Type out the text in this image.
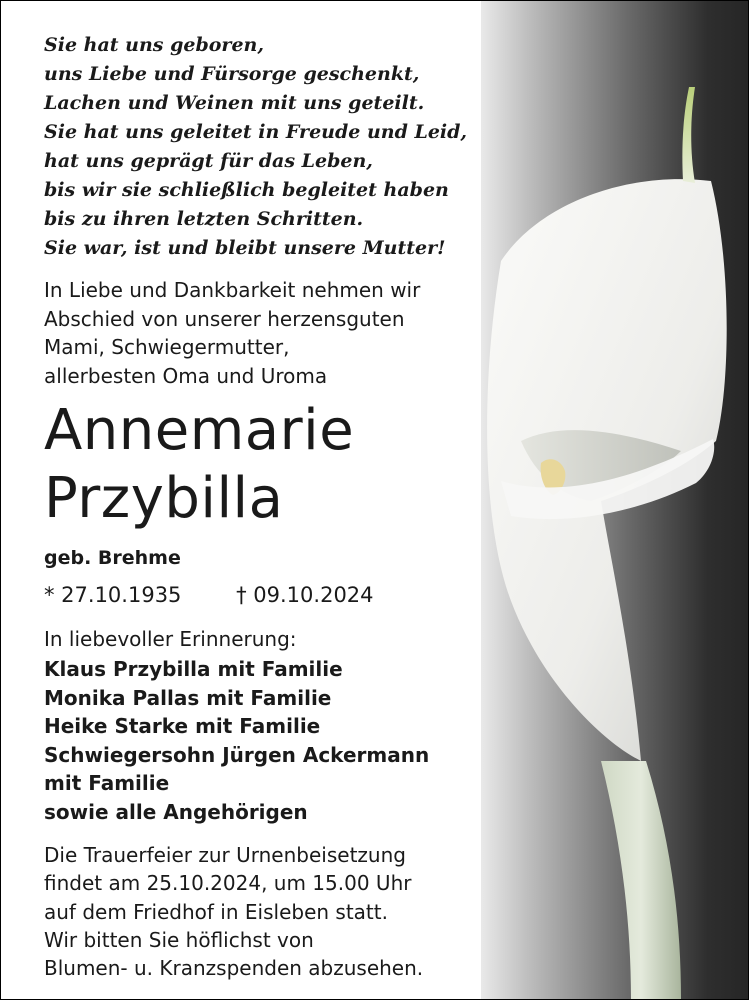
Sie hat uns geboren,
uns Liebe und Fürsorge geschenkt,
Lachen und Weinen mit uns geteilt.
Sie hat uns geleitet in Freude und Leid,
hat uns geprägt für das Leben,
bis wir sie schließlich begleitet haben
bis zu ihren letzten Schritten.
Sie war, ist und bleibt unsere Mutter!
In Liebe und Dankbarkeit nehmen wir
Abschied von unserer herzensguten
Mami, Schwiegermutter,
allerbesten Oma und Uroma
Annemarie
Przybilla
geb. Brehme
* 27.10.1935	† 09.10.2024
In liebevoller Erinnerung:
Klaus Przybilla mit Familie
Monika Pallas mit Familie
Heike Starke mit Familie
Schwiegersohn Jürgen Ackermann
mit Familie
sowie alle Angehörigen
Die Trauerfeier zur Urnenbeisetzung
findet am 25.10.2024, um 15.00 Uhr
auf dem Friedhof in Eisleben statt.
Wir bitten Sie höflichst von
Blumen- u. Kranzspenden abzusehen.
